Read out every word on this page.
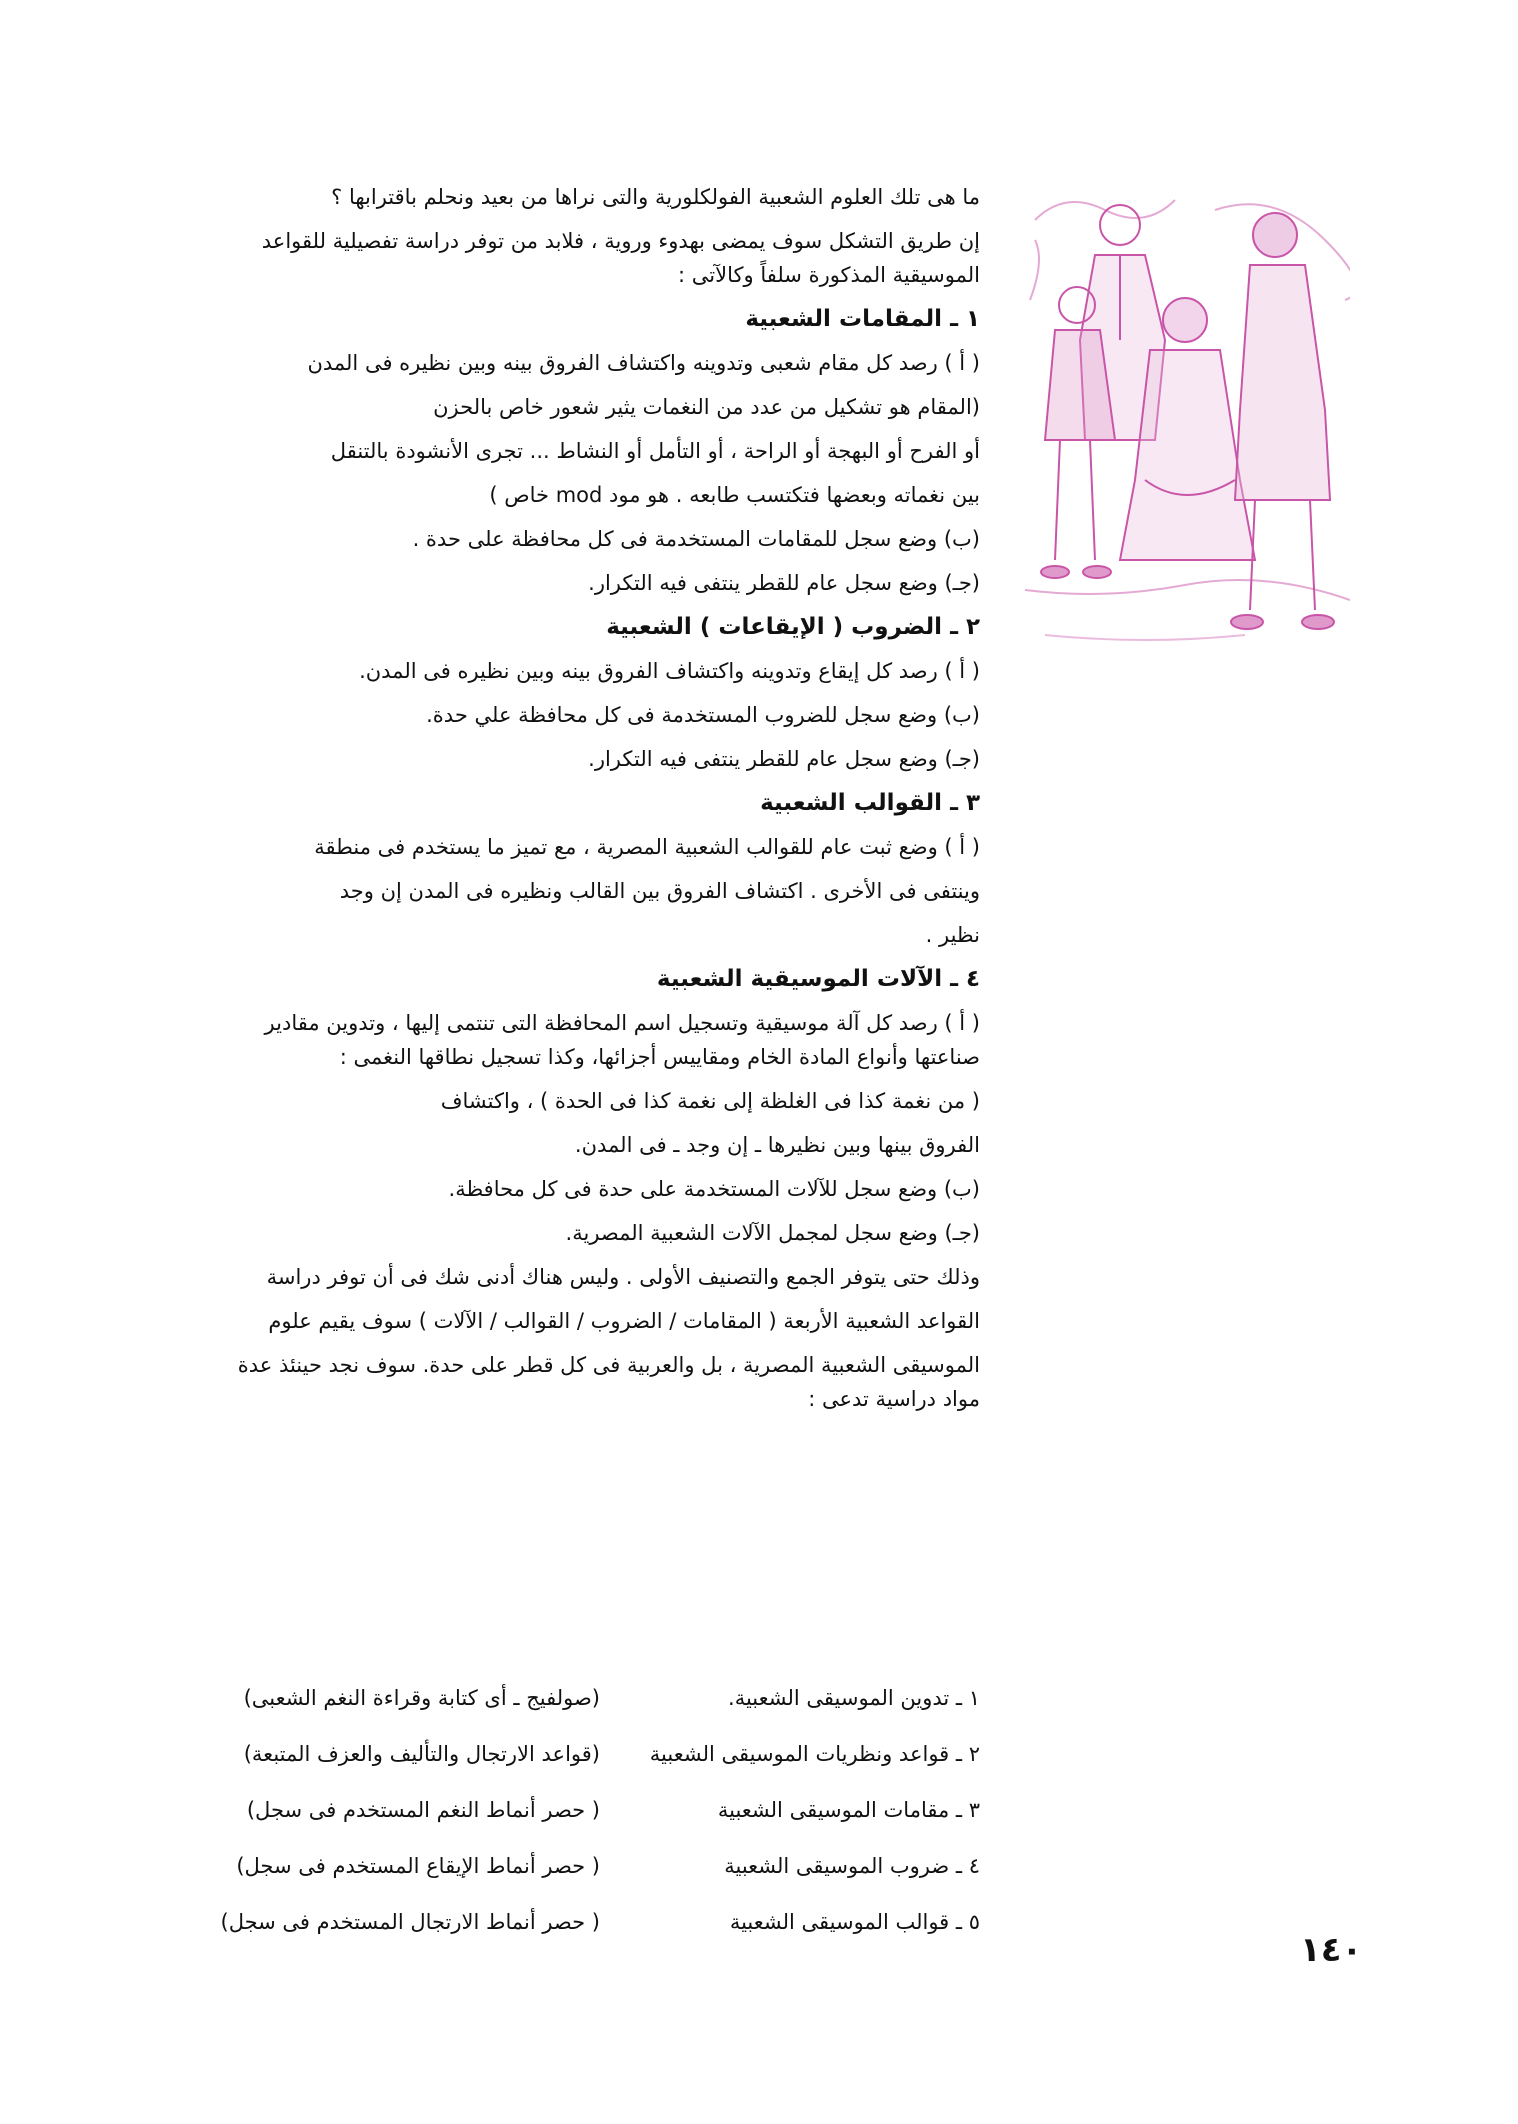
ما هى تلك العلوم الشعبية الفولكلورية والتى نراها من بعيد ونحلم باقترابها ؟
إن طريق التشكل سوف يمضى بهدوء وروية ، فلابد من توفر دراسة تفصيلية للقواعد
الموسيقية المذكورة سلفاً وكالآتى :
١ ـ المقامات الشعبية
( أ ) رصد كل مقام شعبى وتدوينه واكتشاف الفروق بينه وبين نظيره فى المدن
(المقام هو تشكيل من عدد من النغمات يثير شعور خاص بالحزن
أو الفرح أو البهجة أو الراحة ، أو التأمل أو النشاط ... تجرى الأنشودة بالتنقل
بين نغماته وبعضها فتكتسب طابعه . هو مود mod خاص )
(ب) وضع سجل للمقامات المستخدمة فى كل محافظة على حدة .
(جـ) وضع سجل عام للقطر ينتفى فيه التكرار.
٢ ـ الضروب ( الإيقاعات ) الشعبية
( أ ) رصد كل إيقاع وتدوينه واكتشاف الفروق بينه وبين نظيره فى المدن.
(ب) وضع سجل للضروب المستخدمة فى كل محافظة علي حدة.
(جـ) وضع سجل عام للقطر ينتفى فيه التكرار.
٣ ـ القوالب الشعبية
( أ ) وضع ثبت عام للقوالب الشعبية المصرية ، مع تميز ما يستخدم فى منطقة
وينتفى فى الأخرى . اكتشاف الفروق بين القالب ونظيره فى المدن إن وجد
نظير .
٤ ـ الآلات الموسيقية الشعبية
( أ ) رصد كل آلة موسيقية وتسجيل اسم المحافظة التى تنتمى إليها ، وتدوين مقادير
صناعتها وأنواع المادة الخام ومقاييس أجزائها، وكذا تسجيل نطاقها النغمى :
( من نغمة كذا فى الغلظة إلى نغمة كذا فى الحدة ) ، واكتشاف
الفروق بينها وبين نظيرها ـ إن وجد ـ فى المدن.
(ب) وضع سجل للآلات المستخدمة على حدة فى كل محافظة.
(جـ) وضع سجل لمجمل الآلات الشعبية المصرية.
وذلك حتى يتوفر الجمع والتصنيف الأولى . وليس هناك أدنى شك فى أن توفر دراسة
القواعد الشعبية الأربعة ( المقامات / الضروب / القوالب / الآلات ) سوف يقيم علوم
الموسيقى الشعبية المصرية ، بل والعربية فى كل قطر على حدة. سوف نجد حينئذ عدة
مواد دراسية تدعى :
١ ـ تدوين الموسيقى الشعبية.
(صولفيج ـ أى كتابة وقراءة النغم الشعبى)
٢ ـ قواعد ونظريات الموسيقى الشعبية
(قواعد الارتجال والتأليف والعزف المتبعة)
٣ ـ مقامات الموسيقى الشعبية
( حصر أنماط النغم المستخدم فى سجل)
٤ ـ ضروب الموسيقى الشعبية
( حصر أنماط الإيقاع المستخدم فى سجل)
٥ ـ قوالب الموسيقى الشعبية
( حصر أنماط الارتجال المستخدم فى سجل)
١٤٠
